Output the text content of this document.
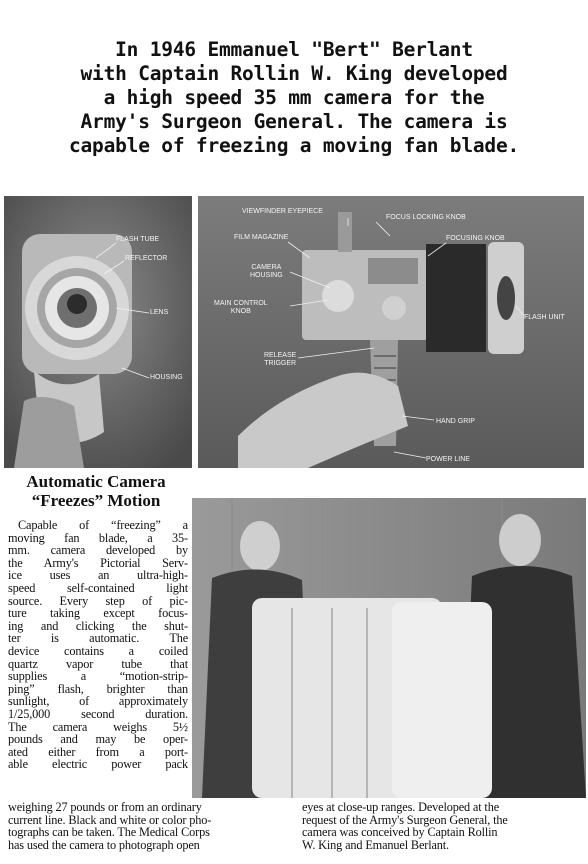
In 1946 Emmanuel "Bert" Berlant
with Captain Rollin W. King developed
a high speed 35 mm camera for the
Army's Surgeon General. The camera is
capable of freezing a moving fan blade.
FLASH TUBE
REFLECTOR
LENS
HOUSING
VIEWFINDER EYEPIECE
FOCUS LOCKING KNOB
FILM MAGAZINE	FOCUSING KNOB
CAMERA
HOUSING
MAIN CONTROL
KNOB
FLASH UNIT
RELEASE
TRIGGER
HAND GRIP
POWER LINE
Automatic Camera
“Freezes” Motion
Capable of “freezing” a
moving fan blade, a 35-
mm. camera developed by
the Army's Pictorial Serv-
ice uses an ultra-high-
speed self-contained light
source. Every step of pic-
ture taking except focus-
ing and clicking the shut-
ter is automatic. The
device contains a coiled
quartz vapor tube that
supplies a “motion-strip-
ping” flash, brighter than
sunlight, of approximately
1/25,000 second duration.
The camera weighs 5½
pounds and may be oper-
ated either from a port-
able electric power pack
weighing 27 pounds or from an ordinary
current line. Black and white or color pho-
tographs can be taken. The Medical Corps
has used the camera to photograph open
eyes at close-up ranges. Developed at the
request of the Army's Surgeon General, the
camera was conceived by Captain Rollin
W. King and Emanuel Berlant.
